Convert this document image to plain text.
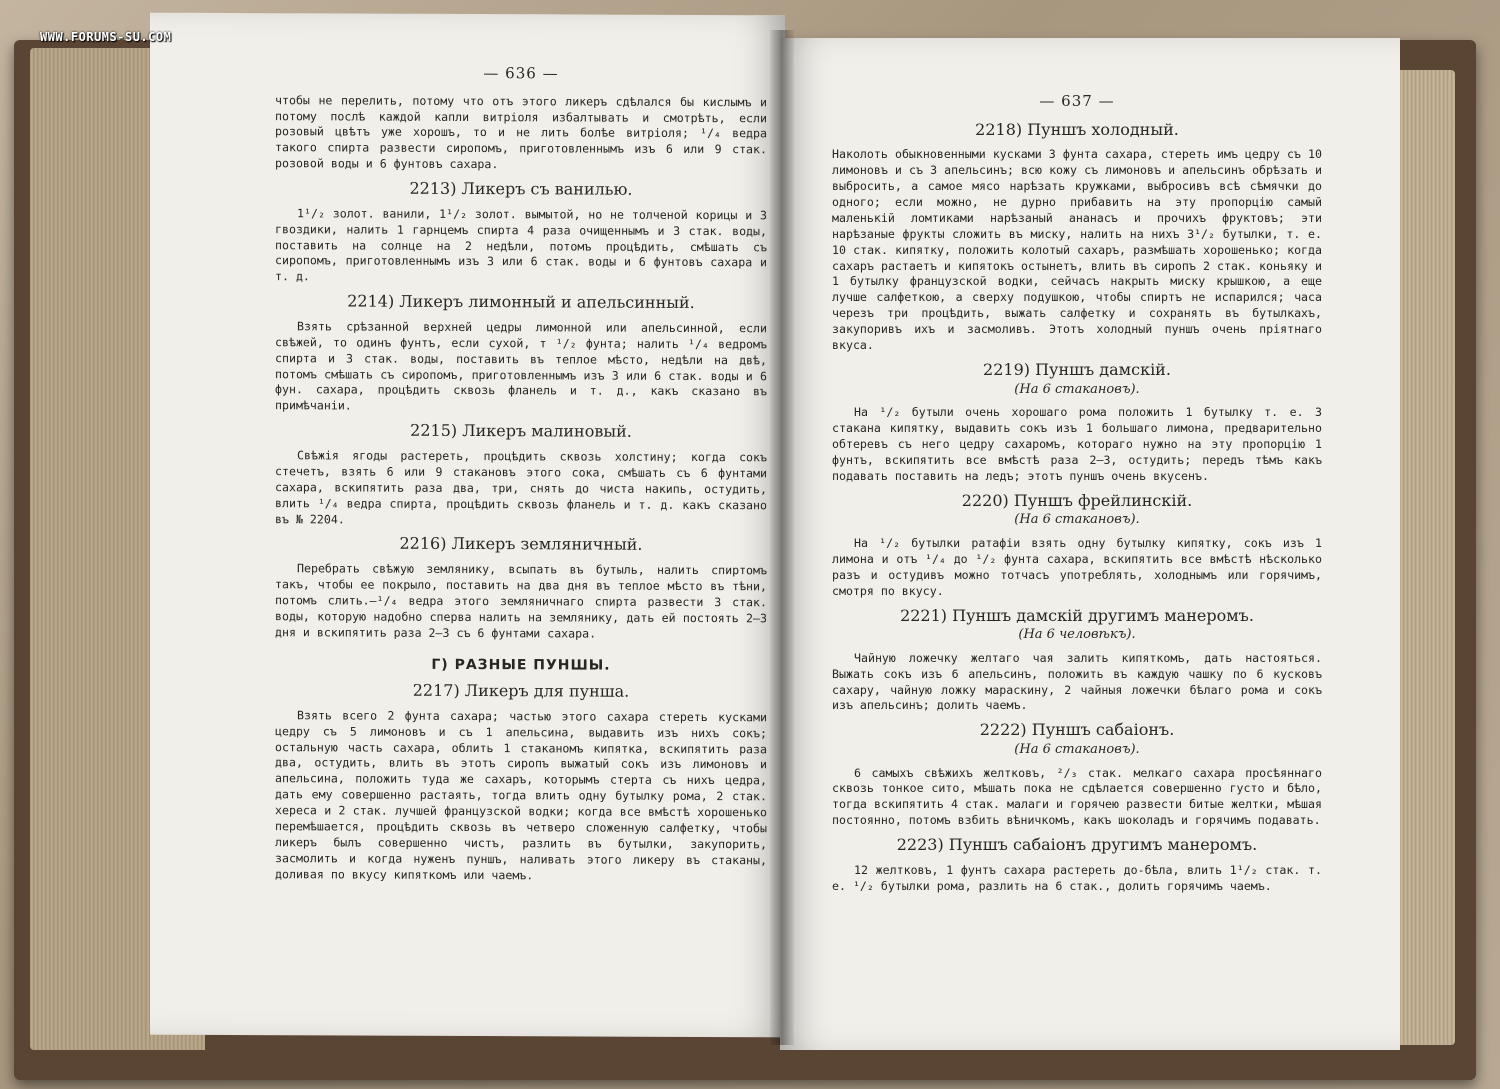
— 636 —

чтобы не перелить, потому что отъ этого ликеръ сдѣлался бы кислымъ и потому послѣ каждой капли витріоля избалтывать и смотрѣть, если розовый цвѣтъ уже хорошъ, то и не лить болѣе витріоля; ¹/₄ ведра такого спирта развести сиропомъ, приготовленнымъ изъ 6 или 9 стак. розовой воды и 6 фунтовъ сахара.

2213) Ликеръ съ ванилью.

1¹/₂ золот. ванили, 1¹/₂ золот. вымытой, но не толченой корицы и 3 гвоздики, налить 1 гарнцемъ спирта 4 раза очищеннымъ и 3 стак. воды, поставить на солнце на 2 недѣли, потомъ процѣдить, смѣшать съ сиропомъ, приготовленнымъ изъ 3 или 6 стак. воды и 6 фунтовъ сахара и т. д.

2214) Ликеръ лимонный и апельсинный.

Взять срѣзанной верхней цедры лимонной или апельсинной, если свѣжей, то одинъ фунтъ, если сухой, т ¹/₂ фунта; налить ¹/₄ ведромъ спирта и 3 стак. воды, поставить въ теплое мѣсто, недѣли на двѣ, потомъ смѣшать съ сиропомъ, приготовленнымъ изъ 3 или 6 стак. воды и 6 фун. сахара, процѣдить сквозь фланель и т. д., какъ сказано въ примѣчаніи.

2215) Ликеръ малиновый.

Свѣжія ягоды растереть, процѣдить сквозь холстину; когда сокъ стечетъ, взять 6 или 9 стакановъ этого сока, смѣшать съ 6 фунтами сахара, вскипятить раза два, три, снять до чиста накипь, остудить, влить ¹/₄ ведра спирта, процѣдить сквозь фланель и т. д. какъ сказано въ № 2204.

2216) Ликеръ земляничный.

Перебрать свѣжую землянику, всыпать въ бутыль, налить спиртомъ такъ, чтобы ее покрыло, поставить на два дня въ теплое мѣсто въ тѣни, потомъ слить.—¹/₄ ведра этого земляничнаго спирта развести 3 стак. воды, которую надобно сперва налить на землянику, дать ей постоять 2—3 дня и вскипятить раза 2—3 съ 6 фунтами сахара.

Г) РАЗНЫЕ ПУНШЫ.
2217) Ликеръ для пунша.

Взять всего 2 фунта сахара; частью этого сахара стереть кусками цедру съ 5 лимоновъ и съ 1 апельсина, выдавить изъ нихъ сокъ; остальную часть сахара, облить 1 стаканомъ кипятка, вскипятить раза два, остудить, влить въ этотъ сиропъ выжатый сокъ изъ лимоновъ и апельсина, положить туда же сахаръ, которымъ стерта съ нихъ цедра, дать ему совершенно растаять, тогда влить одну бутылку рома, 2 стак. хереса и 2 стак. лучшей французской водки; когда все вмѣстѣ хорошенько перемѣшается, процѣдить сквозь въ четверо сложенную салфетку, чтобы ликеръ былъ совершенно чистъ, разлить въ бутылки, закупорить, засмолить и когда нуженъ пуншъ, наливать этого ликеру въ стаканы, доливая по вкусу кипяткомъ или чаемъ.

— 637 —
2218) Пуншъ холодный.

Наколоть обыкновенными кусками 3 фунта сахара, стереть имъ цедру съ 10 лимоновъ и съ 3 апельсинъ; всю кожу съ лимоновъ и апельсинъ обрѣзать и выбросить, а самое мясо нарѣзать кружками, выбросивъ всѣ сѣмячки до одного; если можно, не дурно прибавить на эту пропорцію самый маленькій ломтиками нарѣзаный ананасъ и прочихъ фруктовъ; эти нарѣзаные фрукты сложить въ миску, налить на нихъ 3¹/₂ бутылки, т. е. 10 стак. кипятку, положить колотый сахаръ, размѣшать хорошенько; когда сахаръ растаетъ и кипятокъ остынетъ, влить въ сиропъ 2 стак. коньяку и 1 бутылку французской водки, сейчасъ накрыть миску крышкою, а еще лучше салфеткою, а сверху подушкою, чтобы спиртъ не испарился; часа черезъ три процѣдить, выжать салфетку и сохранять въ бутылкахъ, закупоривъ ихъ и засмоливъ. Этотъ холодный пуншъ очень пріятнаго вкуса.

2219) Пуншъ дамскій.
(На 6 стакановъ).

На ¹/₂ бутыли очень хорошаго рома положить 1 бутылку т. е. 3 стакана кипятку, выдавить сокъ изъ 1 большаго лимона, предварительно обтеревъ съ него цедру сахаромъ, котораго нужно на эту пропорцію 1 фунтъ, вскипятить все вмѣстѣ раза 2—3, остудить; передъ тѣмъ какъ подавать поставить на ледъ; этотъ пуншъ очень вкусенъ.

2220) Пуншъ фрейлинскій.
(На 6 стакановъ).

На ¹/₂ бутылки ратафіи взять одну бутылку кипятку, сокъ изъ 1 лимона и отъ ¹/₄ до ¹/₂ фунта сахара, вскипятить все вмѣстѣ нѣсколько разъ и остудивъ можно тотчасъ употреблять, холоднымъ или горячимъ, смотря по вкусу.

2221) Пуншъ дамскій другимъ манеромъ.
(На 6 человѣкъ).

Чайную ложечку желтаго чая залить кипяткомъ, дать настояться. Выжать сокъ изъ 6 апельсинъ, положить въ каждую чашку по 6 кусковъ сахару, чайную ложку мараскину, 2 чайныя ложечки бѣлаго рома и сокъ изъ апельсинъ; долить чаемъ.

2222) Пуншъ сабаіонъ.
(На 6 стакановъ).

6 самыхъ свѣжихъ желтковъ, ²/₃ стак. мелкаго сахара просѣяннаго сквозь тонкое сито, мѣшать пока не сдѣлается совершенно густо и бѣло, тогда вскипятить 4 стак. малаги и горячею развести битые желтки, мѣшая постоянно, потомъ взбить вѣничкомъ, какъ шоколадъ и горячимъ подавать.

2223) Пуншъ сабаіонъ другимъ манеромъ.

12 желтковъ, 1 фунтъ сахара растереть до-бѣла, влить 1¹/₂ стак. т. е. ¹/₂ бутылки рома, разлить на 6 стак., долить горячимъ чаемъ.

WWW.FORUMS-SU.COM
